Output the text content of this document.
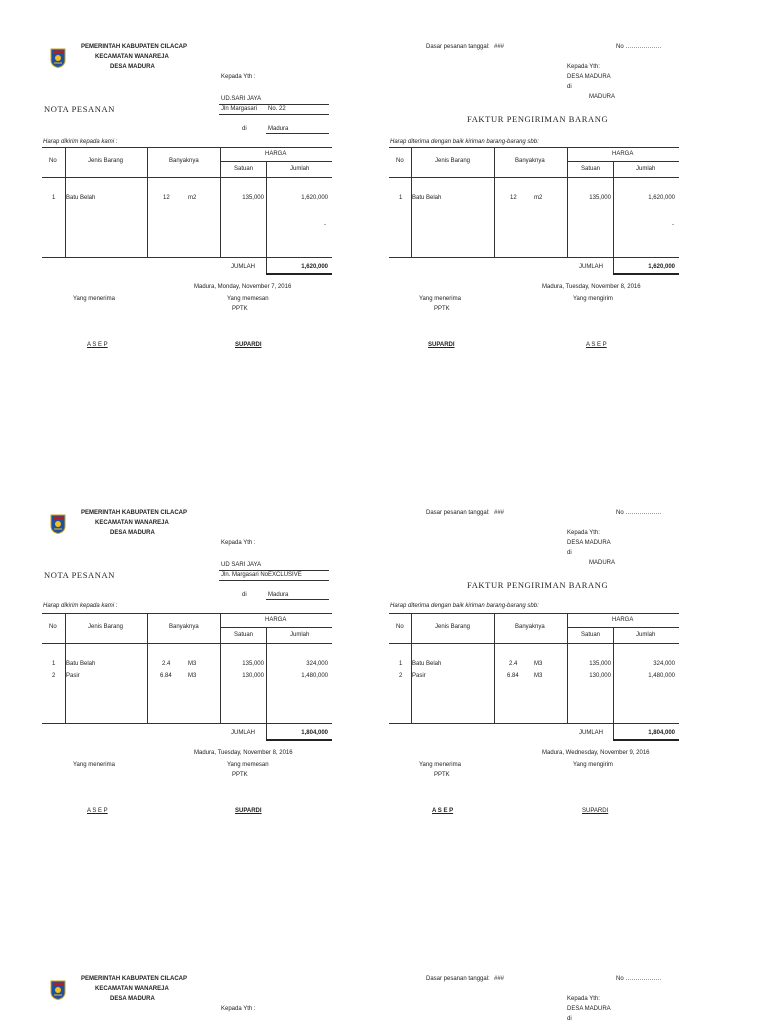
PEMERINTAH KABUPATEN CILACAP
KECAMATAN WANAREJA
DESA MADURA
Kepada Yth :
Dasar pesanan tanggal: ###	No ………………
Kepada Yth:
DESA MADURA
di
MADURA
UD.SARI JAYA
Jln Margasari No. 22
NOTA PESANAN
di	Madura
FAKTUR PENGIRIMAN BARANG
Harap dikirim kepada kami :	Harap diterima dengan baik kiriman barang-barang sbb:
No	Jenis Barang	Banyaknya
HARGA
Satuan	Jumlah
1 Batu Belah	12	m2	135,000	1,620,000
-
JUMLAH	1,620,000
No	Jenis Barang	Banyaknya
HARGA
Satuan	Jumlah
1 Batu Belah	12	m2	135,000	1,620,000
-
JUMLAH	1,620,000
Madura, Monday, November 7, 2016	Madura, Tuesday, November 8, 2016
Yang menerima	Yang memesan
PPTK
Yang menerima
PPTK
Yang mengirim
A S E P	SUPARDI	SUPARDI	A S E P
PEMERINTAH KABUPATEN CILACAP
KECAMATAN WANAREJA
DESA MADURA
Kepada Yth :
Dasar pesanan tanggal: ###	No ………………
Kepada Yth:
DESA MADURA
di
MADURA
UD SARI JAYA
Jln. Margasari NoEXCLUSIVE
NOTA PESANAN
di	Madura
FAKTUR PENGIRIMAN BARANG
Harap dikirim kepada kami :	Harap diterima dengan baik kiriman barang-barang sbb:
No	Jenis Barang	Banyaknya
HARGA
Satuan	Jumlah
1 Batu Belah	2.4	M3	135,000	324,000
2 Pasir	6.84	M3	130,000	1,480,000
JUMLAH	1,804,000
No	Jenis Barang	Banyaknya
HARGA
Satuan	Jumlah
1 Batu Belah	2.4	M3	135,000	324,000
2 Pasir	6.84	M3	130,000	1,480,000
JUMLAH	1,804,000
Madura, Tuesday, November 8, 2016	Madura, Wednesday, November 9, 2016
Yang menerima	Yang memesan
PPTK
Yang menerima
PPTK
Yang mengirim
A S E P	SUPARDI	A S E P	SUPARDI
PEMERINTAH KABUPATEN CILACAP
KECAMATAN WANAREJA
DESA MADURA
Kepada Yth :
Dasar pesanan tanggal: ###	No ………………
Kepada Yth:
DESA MADURA
di
